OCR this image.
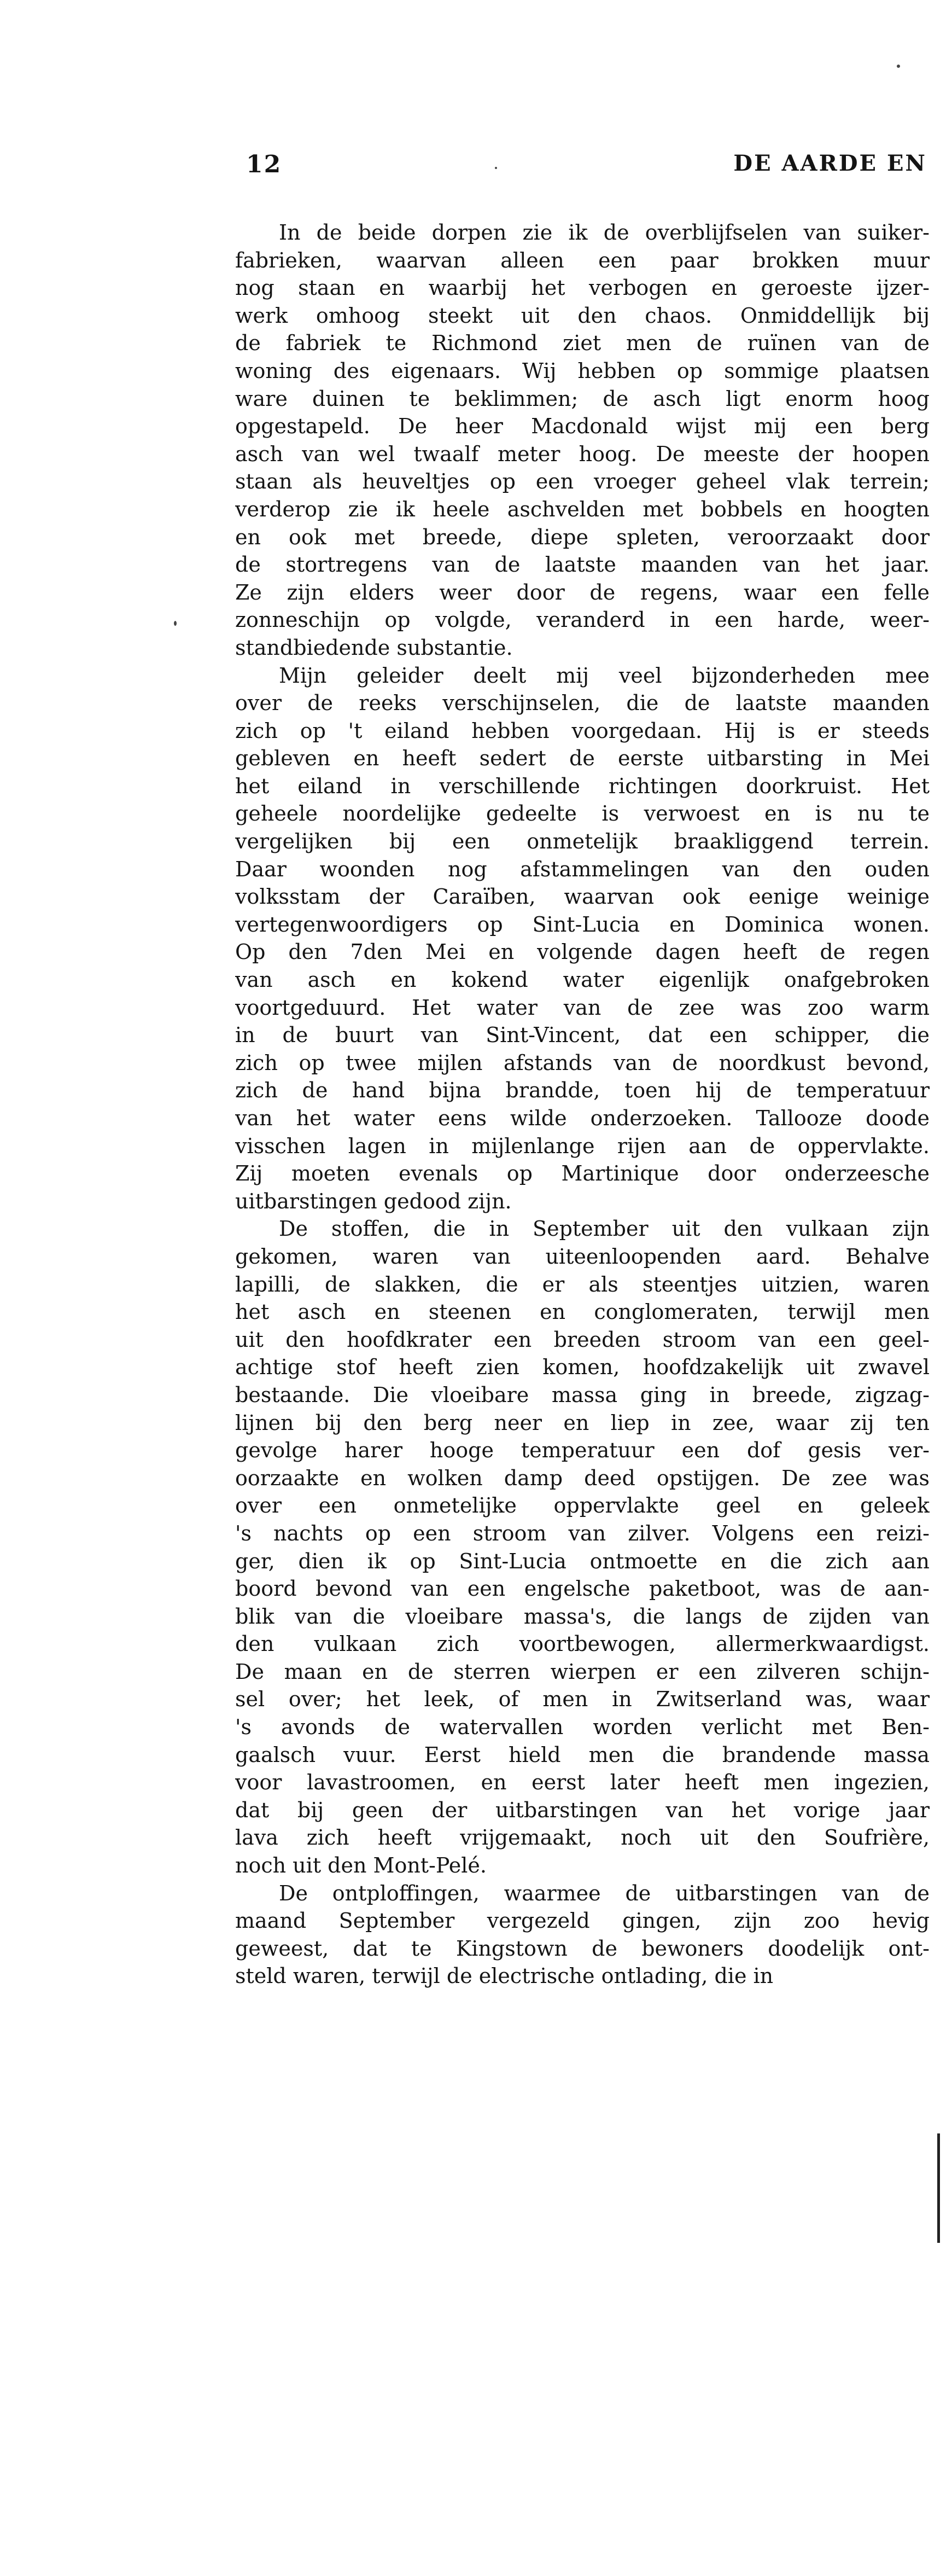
12	DE AARDE EN
In de beide dorpen zie ik de overblijfselen van suiker-
fabrieken, waarvan alleen een paar brokken muur
nog staan en waarbij het verbogen en geroeste ijzer-
werk omhoog steekt uit den chaos. Onmiddellijk bij
de fabriek te Richmond ziet men de ruïnen van de
woning des eigenaars. Wij hebben op sommige plaatsen
ware duinen te beklimmen; de asch ligt enorm hoog
opgestapeld. De heer Macdonald wijst mij een berg
asch van wel twaalf meter hoog. De meeste der hoopen
staan als heuveltjes op een vroeger geheel vlak terrein;
verderop zie ik heele aschvelden met bobbels en hoogten
en ook met breede, diepe spleten, veroorzaakt door
de stortregens van de laatste maanden van het jaar.
Ze zijn elders weer door de regens, waar een felle
zonneschijn op volgde, veranderd in een harde, weer-
standbiedende substantie.
Mijn geleider deelt mij veel bijzonderheden mee
over de reeks verschijnselen, die de laatste maanden
zich op 't eiland hebben voorgedaan. Hij is er steeds
gebleven en heeft sedert de eerste uitbarsting in Mei
het eiland in verschillende richtingen doorkruist. Het
geheele noordelijke gedeelte is verwoest en is nu te
vergelijken bij een onmetelijk braakliggend terrein.
Daar woonden nog afstammelingen van den ouden
volksstam der Caraïben, waarvan ook eenige weinige
vertegenwoordigers op Sint-Lucia en Dominica wonen.
Op den 7den Mei en volgende dagen heeft de regen
van asch en kokend water eigenlijk onafgebroken
voortgeduurd. Het water van de zee was zoo warm
in de buurt van Sint-Vincent, dat een schipper, die
zich op twee mijlen afstands van de noordkust bevond,
zich de hand bijna brandde, toen hij de temperatuur
van het water eens wilde onderzoeken. Tallooze doode
visschen lagen in mijlenlange rijen aan de oppervlakte.
Zij moeten evenals op Martinique door onderzeesche
uitbarstingen gedood zijn.
De stoffen, die in September uit den vulkaan zijn
gekomen, waren van uiteenloopenden aard. Behalve
lapilli, de slakken, die er als steentjes uitzien, waren
het asch en steenen en conglomeraten, terwijl men
uit den hoofdkrater een breeden stroom van een geel-
achtige stof heeft zien komen, hoofdzakelijk uit zwavel
bestaande. Die vloeibare massa ging in breede, zigzag-
lijnen bij den berg neer en liep in zee, waar zij ten
gevolge harer hooge temperatuur een dof gesis ver-
oorzaakte en wolken damp deed opstijgen. De zee was
over een onmetelijke oppervlakte geel en geleek
's nachts op een stroom van zilver. Volgens een reizi-
ger, dien ik op Sint-Lucia ontmoette en die zich aan
boord bevond van een engelsche paketboot, was de aan-
blik van die vloeibare massa's, die langs de zijden van
den vulkaan zich voortbewogen, allermerkwaardigst.
De maan en de sterren wierpen er een zilveren schijn-
sel over; het leek, of men in Zwitserland was, waar
's avonds de watervallen worden verlicht met Ben-
gaalsch vuur. Eerst hield men die brandende massa
voor lavastroomen, en eerst later heeft men ingezien,
dat bij geen der uitbarstingen van het vorige jaar
lava zich heeft vrijgemaakt, noch uit den Soufrière,
noch uit den Mont-Pelé.
De ontploffingen, waarmee de uitbarstingen van de
maand September vergezeld gingen, zijn zoo hevig
geweest, dat te Kingstown de bewoners doodelijk ont-
steld waren, terwijl de electrische ontlading, die in
